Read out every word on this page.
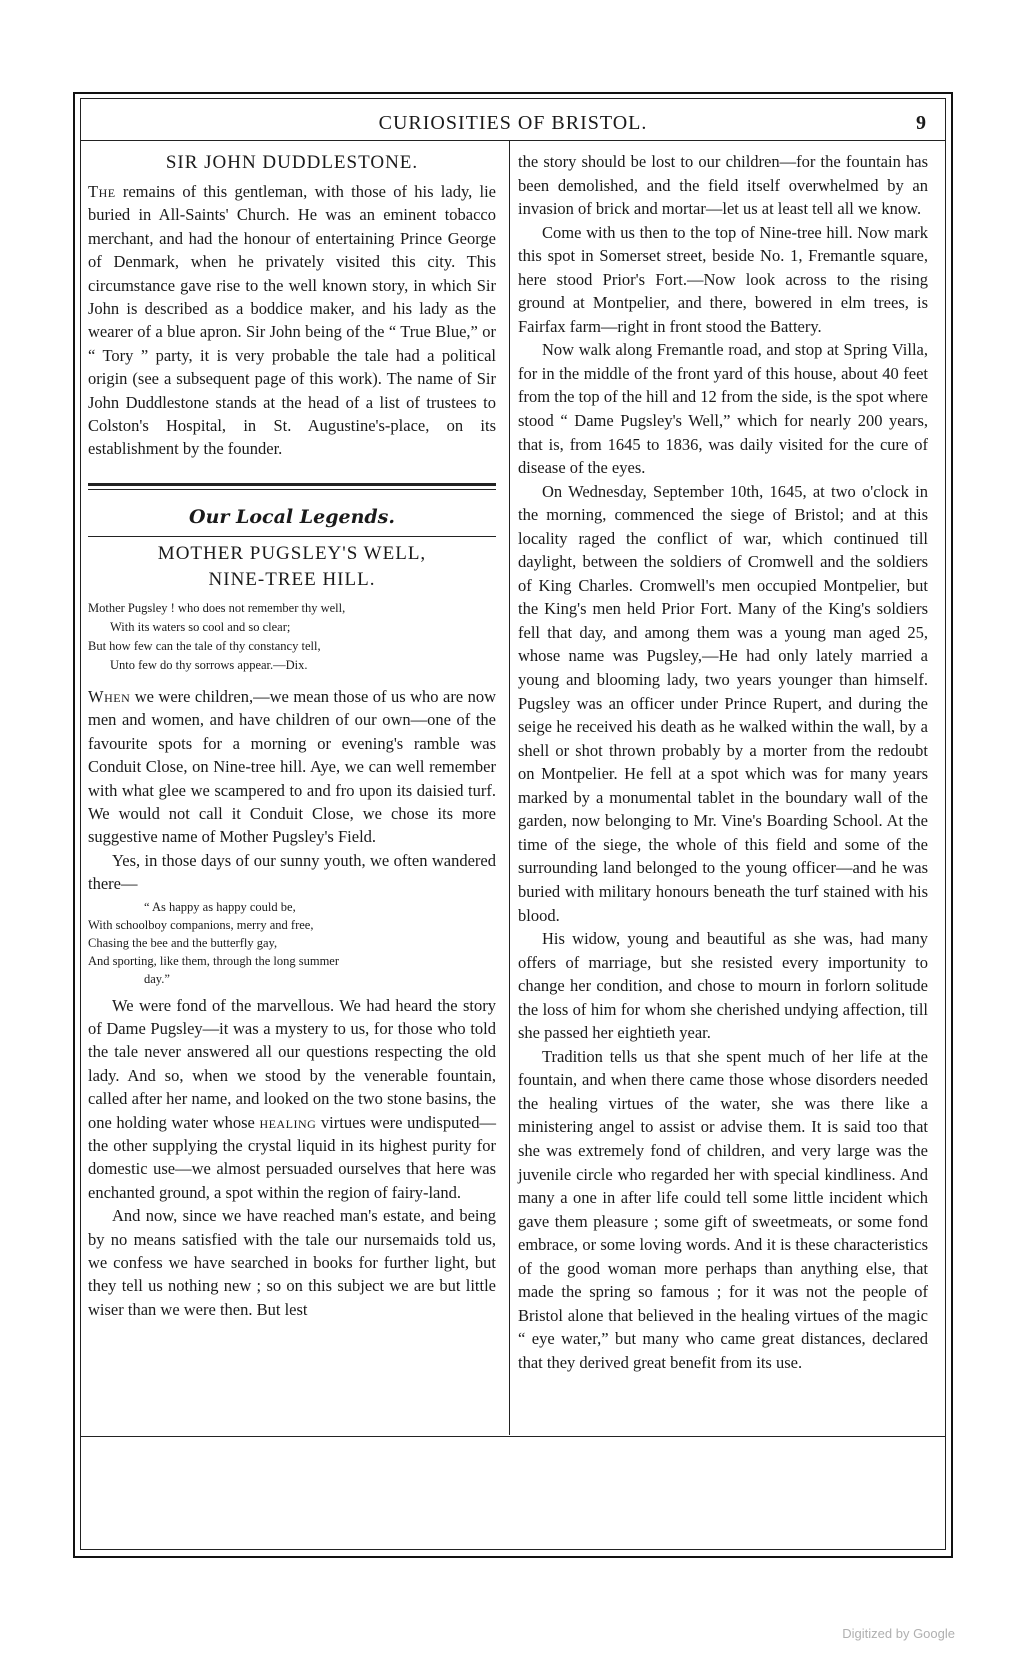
CURIOSITIES OF BRISTOL.	9
SIR JOHN DUDDLESTONE.

The remains of this gentleman, with those of his lady, lie buried in All-Saints' Church. He was an eminent tobacco merchant, and had the honour of entertaining Prince George of Denmark, when he privately visited this city. This circumstance gave rise to the well known story, in which Sir John is described as a boddice maker, and his lady as the wearer of a blue apron. Sir John being of the “ True Blue,” or “ Tory ” party, it is very probable the tale had a political origin (see a subsequent page of this work). The name of Sir John Duddlestone stands at the head of a list of trustees to Colston's Hospital, in St. Augustine's-place, on its establishment by the founder.

Our Local Legends.
MOTHER PUGSLEY'S WELL,
NINE-TREE HILL.
Mother Pugsley ! who does not remember thy well,
With its waters so cool and so clear;
But how few can the tale of thy constancy tell,
Unto few do thy sorrows appear.—Dix.

When we were children,—we mean those of us who are now men and women, and have children of our own—one of the favourite spots for a morning or evening's ramble was Conduit Close, on Nine-tree hill. Aye, we can well remember with what glee we scampered to and fro upon its daisied turf. We would not call it Conduit Close, we chose its more suggestive name of Mother Pugsley's Field.

Yes, in those days of our sunny youth, we often wandered there—

“ As happy as happy could be,
With schoolboy companions, merry and free,
Chasing the bee and the butterfly gay,
And sporting, like them, through the long summer
day.”

We were fond of the marvellous. We had heard the story of Dame Pugsley—it was a mystery to us, for those who told the tale never answered all our questions respecting the old lady. And so, when we stood by the venerable fountain, called after her name, and looked on the two stone basins, the one holding water whose healing virtues were undisputed—the other supplying the crystal liquid in its highest purity for domestic use—we almost persuaded ourselves that here was enchanted ground, a spot within the region of fairy-land.

And now, since we have reached man's estate, and being by no means satisfied with the tale our nursemaids told us, we confess we have searched in books for further light, but they tell us nothing new ; so on this subject we are but little wiser than we were then. But lest

the story should be lost to our children—for the fountain has been demolished, and the field itself overwhelmed by an invasion of brick and mortar—let us at least tell all we know.

Come with us then to the top of Nine-tree hill. Now mark this spot in Somerset street, beside No. 1, Fremantle square, here stood Prior's Fort.—Now look across to the rising ground at Montpelier, and there, bowered in elm trees, is Fairfax farm—right in front stood the Battery.

Now walk along Fremantle road, and stop at Spring Villa, for in the middle of the front yard of this house, about 40 feet from the top of the hill and 12 from the side, is the spot where stood “ Dame Pugsley's Well,” which for nearly 200 years, that is, from 1645 to 1836, was daily visited for the cure of disease of the eyes.

On Wednesday, September 10th, 1645, at two o'clock in the morning, commenced the siege of Bristol; and at this locality raged the conflict of war, which continued till daylight, between the soldiers of Cromwell and the soldiers of King Charles. Cromwell's men occupied Montpelier, but the King's men held Prior Fort. Many of the King's soldiers fell that day, and among them was a young man aged 25, whose name was Pugsley,—He had only lately married a young and blooming lady, two years younger than himself. Pugsley was an officer under Prince Rupert, and during the seige he received his death as he walked within the wall, by a shell or shot thrown probably by a morter from the redoubt on Montpelier. He fell at a spot which was for many years marked by a monumental tablet in the boundary wall of the garden, now belonging to Mr. Vine's Boarding School. At the time of the siege, the whole of this field and some of the surrounding land belonged to the young officer—and he was buried with military honours beneath the turf stained with his blood.

His widow, young and beautiful as she was, had many offers of marriage, but she resisted every importunity to change her condition, and chose to mourn in forlorn solitude the loss of him for whom she cherished undying affection, till she passed her eightieth year.

Tradition tells us that she spent much of her life at the fountain, and when there came those whose disorders needed the healing virtues of the water, she was there like a ministering angel to assist or advise them. It is said too that she was extremely fond of children, and very large was the juvenile circle who regarded her with special kindliness. And many a one in after life could tell some little incident which gave them pleasure ; some gift of sweetmeats, or some fond embrace, or some loving words. And it is these characteristics of the good woman more perhaps than anything else, that made the spring so famous ; for it was not the people of Bristol alone that believed in the healing virtues of the magic “ eye water,” but many who came great distances, declared that they derived great benefit from its use.

Digitized by Google
